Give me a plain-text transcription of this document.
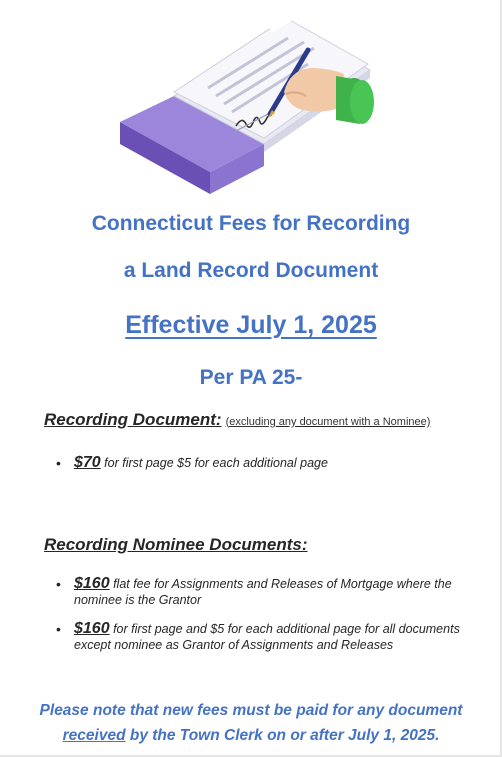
Connecticut Fees for Recording
a Land Record Document
Effective July 1, 2025
Per PA 25-
Recording Document: (excluding any document with a Nominee)
• $70 for first page $5 for each additional page
Recording Nominee Documents:
• $160 flat fee for Assignments and Releases of Mortgage where the nominee is the Grantor
• $160 for first page and $5 for each additional page for all documents except nominee as Grantor of Assignments and Releases
Please note that new fees must be paid for any document
received by the Town Clerk on or after July 1, 2025.
